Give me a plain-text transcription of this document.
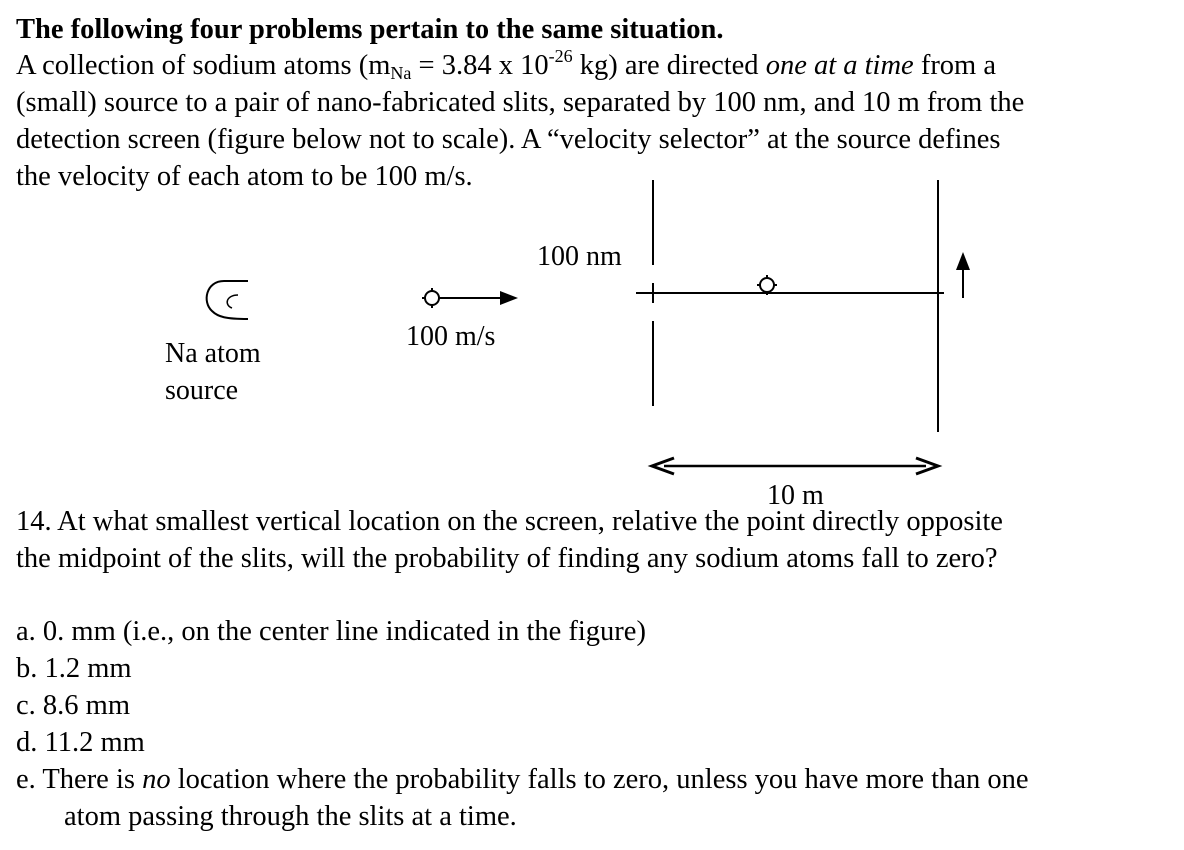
The following four problems pertain to the same situation.
A collection of sodium atoms ($m_{Na} = 3.84$ x $10^{-26}$ kg) are directed one at a time from a
(small) source to a pair of nano-fabricated slits, separated by 100 nm, and 10 m from the
detection screen (figure below not to scale). A “velocity selector” at the source defines
the velocity of each atom to be 100 m/s.
100 nm
100 m/s
Na atom
source
10 m
14. At what smallest vertical location on the screen, relative the point directly opposite
the midpoint of the slits, will the probability of finding any sodium atoms fall to zero?
a. 0. mm (i.e., on the center line indicated in the figure)
b. 1.2 mm
c. 8.6 mm
d. 11.2 mm
e. There is no location where the probability falls to zero, unless you have more than one
atom passing through the slits at a time.
